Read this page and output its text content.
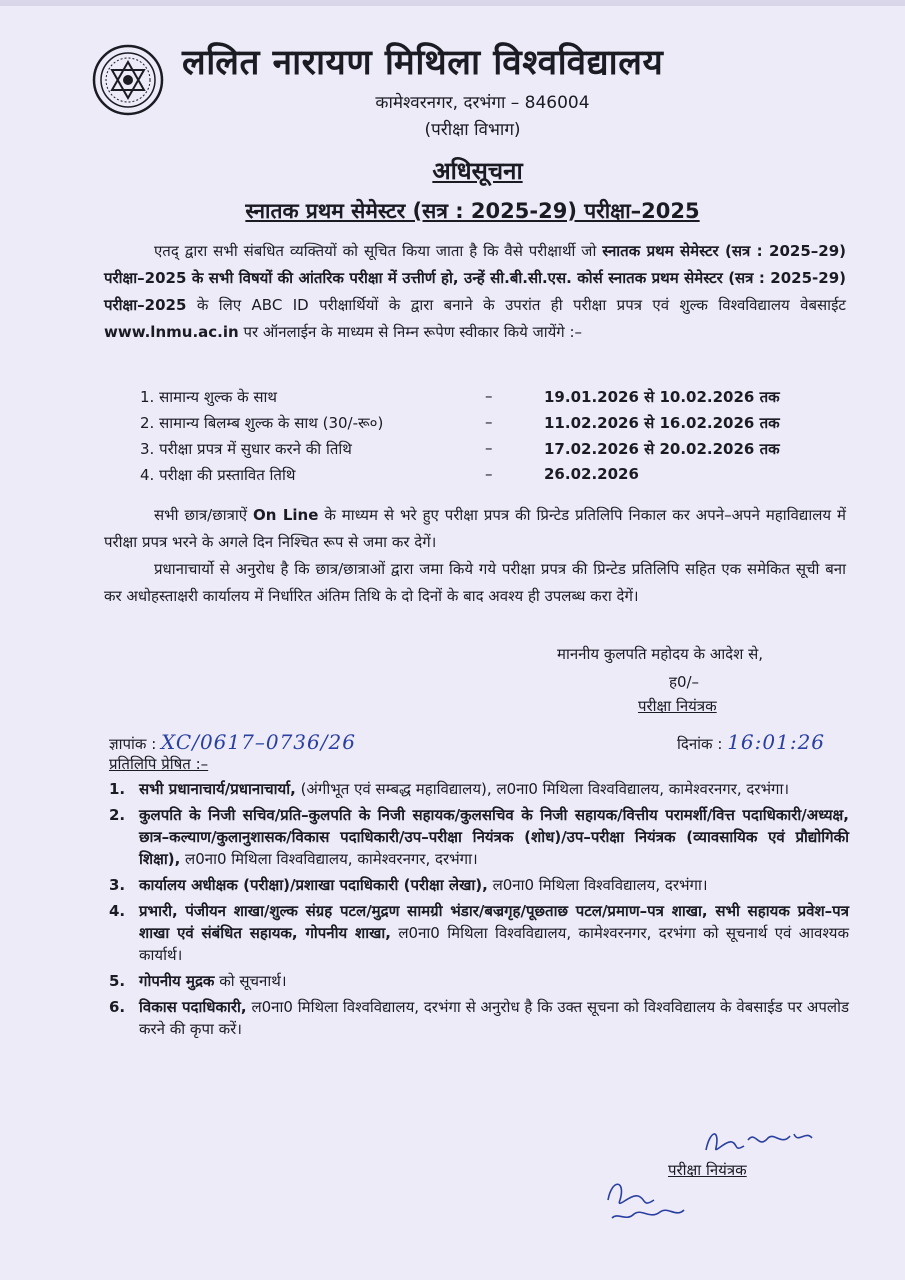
ललित नारायण मिथिला विश्वविद्यालय
कामेश्वरनगर, दरभंगा – 846004
(परीक्षा विभाग)
अधिसूचना
स्नातक प्रथम सेमेस्टर (सत्र : 2025-29) परीक्षा–2025
एतद् द्वारा सभी संबधित व्यक्तियों को सूचित किया जाता है कि वैसे परीक्षार्थी जो स्नातक प्रथम सेमेस्टर (सत्र : 2025–29) परीक्षा–2025 के सभी विषयों की आंतरिक परीक्षा में उत्तीर्ण हो, उन्हें सी.बी.सी.एस. कोर्स स्नातक प्रथम सेमेस्टर (सत्र : 2025-29) परीक्षा–2025 के लिए ABC ID परीक्षार्थियों के द्वारा बनाने के उपरांत ही परीक्षा प्रपत्र एवं शुल्क विश्वविद्यालय वेबसाईट www.lnmu.ac.in पर ऑनलाईन के माध्यम से निम्न रूपेण स्वीकार किये जायेंगे :–
1. सामान्य शुल्क के साथ	–	19.01.2026 से 10.02.2026 तक
2. सामान्य बिलम्ब शुल्क के साथ (30/-रू०)	–	11.02.2026 से 16.02.2026 तक
3. परीक्षा प्रपत्र में सुधार करने की तिथि	–	17.02.2026 से 20.02.2026 तक
4. परीक्षा की प्रस्तावित तिथि	–	26.02.2026
सभी छात्र/छात्राऐं On Line के माध्यम से भरे हुए परीक्षा प्रपत्र की प्रिन्टेड प्रतिलिपि निकाल कर अपने–अपने महाविद्यालय में परीक्षा प्रपत्र भरने के अगले दिन निश्चित रूप से जमा कर देगें।
प्रधानाचार्यो से अनुरोध है कि छात्र/छात्राओं द्वारा जमा किये गये परीक्षा प्रपत्र की प्रिन्टेड प्रतिलिपि सहित एक समेकित सूची बना कर अधोहस्ताक्षरी कार्यालय में निर्धारित अंतिम तिथि के दो दिनों के बाद अवश्य ही उपलब्ध करा देगें।
माननीय कुलपति महोदय के आदेश से,
ह0/–
परीक्षा नियंत्रक
ज्ञापांक : XC/0617–0736/26	दिनांक : 16:01:26
प्रतिलिपि प्रेषित :–
1. सभी प्रधानाचार्य/प्रधानाचार्या, (अंगीभूत एवं सम्बद्ध महाविद्यालय), ल0ना0 मिथिला विश्वविद्यालय, कामेश्वरनगर, दरभंगा।
2. कुलपति के निजी सचिव/प्रति–कुलपति के निजी सहायक/कुलसचिव के निजी सहायक/वित्तीय परामर्शी/वित्त पदाधिकारी/अध्यक्ष, छात्र–कल्याण/कुलानुशासक/विकास पदाधिकारी/उप–परीक्षा नियंत्रक (शोध)/उप–परीक्षा नियंत्रक (व्यावसायिक एवं प्रौद्योगिकी शिक्षा), ल0ना0 मिथिला विश्वविद्यालय, कामेश्वरनगर, दरभंगा।
3. कार्यालय अधीक्षक (परीक्षा)/प्रशाखा पदाधिकारी (परीक्षा लेखा), ल0ना0 मिथिला विश्वविद्यालय, दरभंगा।
4. प्रभारी, पंजीयन शाखा/शुल्क संग्रह पटल/मुद्रण सामग्री भंडार/बज्रगृह/पूछताछ पटल/प्रमाण–पत्र शाखा, सभी सहायक प्रवेश–पत्र शाखा एवं संबंधित सहायक, गोपनीय शाखा, ल0ना0 मिथिला विश्वविद्यालय, कामेश्वरनगर, दरभंगा को सूचनार्थ एवं आवश्यक कार्यार्थ।
5. गोपनीय मुद्रक को सूचनार्थ।
6. विकास पदाधिकारी, ल0ना0 मिथिला विश्वविद्यालय, दरभंगा से अनुरोध है कि उक्त सूचना को विश्वविद्यालय के वेबसाईड पर अपलोड करने की कृपा करें।
परीक्षा नियंत्रक
